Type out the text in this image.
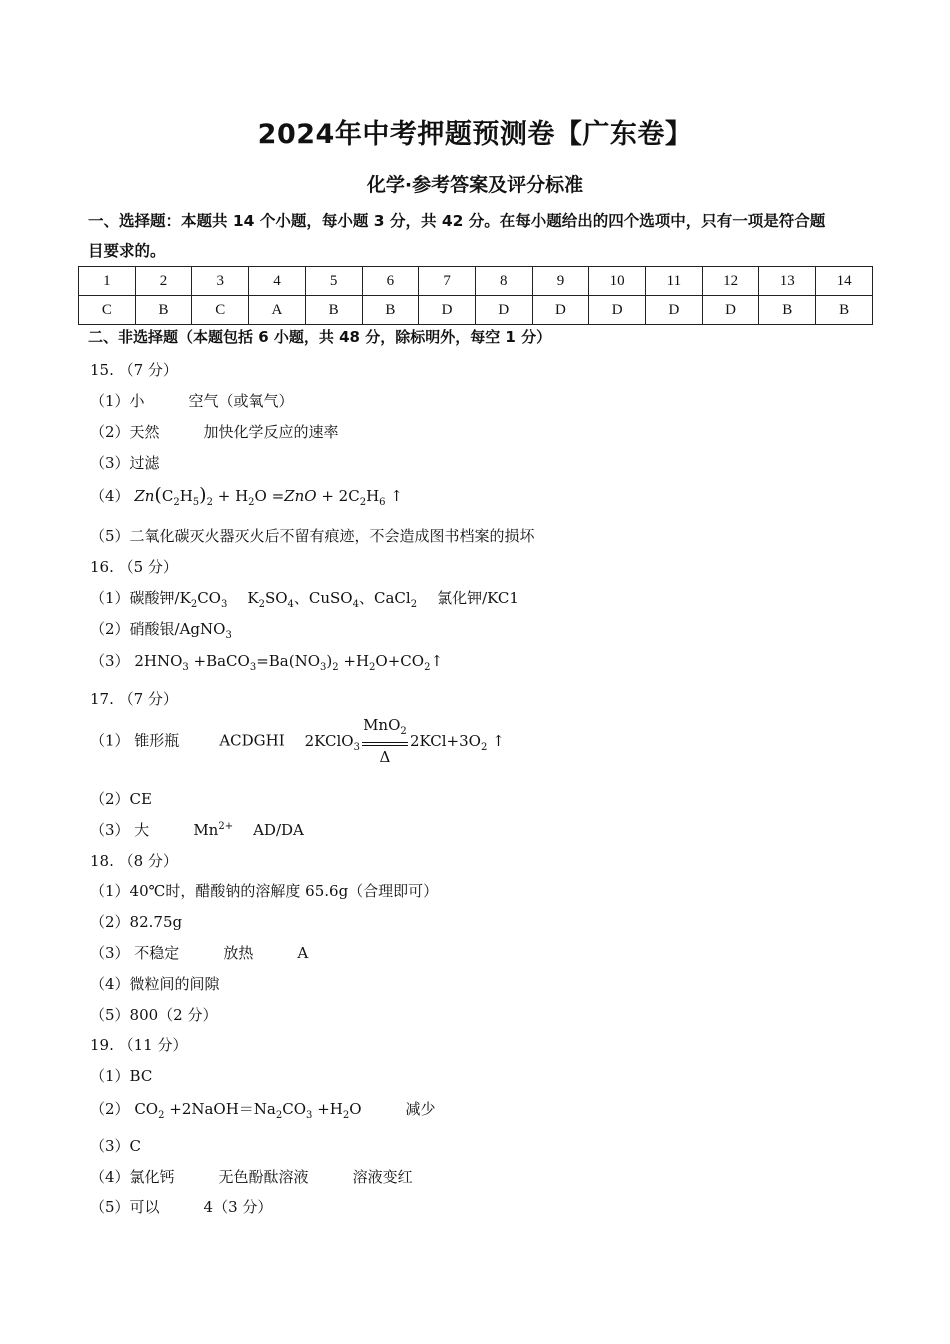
2024年中考押题预测卷【广东卷】
化学·参考答案及评分标准
一、选择题：本题共 14 个小题，每小题 3 分，共 42 分。在每小题给出的四个选项中，只有一项是符合题
目要求的。
1	2	3	4	5	6	7	8	9	10	11	12	13	14
C	B	C	A	B	B	D	D	D	D	D	D	B	B
二、非选择题（本题包括 6 小题，共 48 分，除标明外，每空 1 分）
15. （7 分）
（1）小	空气（或氧气）
（2）天然	加快化学反应的速率
（3）过滤
（4） $Zn(C_2H_5)_2 + H_2O =ZnO + 2C_2H_6$ ↑
（5）二氧化碳灭火器灭火后不留有痕迹，不会造成图书档案的损坏
16. （5 分）
（1）碳酸钾$/K_2CO_3$ $K_2SO_4$、CuSO$_4$、CaCl$_2$ 氯化钾/KC1
（2）硝酸银/AgNO$_3$
（3） $2HNO_3$ $+BaCO_3=Ba(NO_3)_2$ $+H_2O+CO_2↑$
17. （7 分）
（1） 锥形瓶	ACDGHI 2KClO$_3$ $\frac{MnO_2}{\Delta} 2KCl+3O_2$ ↑
（2）CE
（3） 大	$Mn^{2+}$ AD/DA
18. （8 分）
（1）40℃时，醋酸钠的溶解度 65.6g（合理即可）
（2）82.75g
（3） 不稳定	放热	A
（4）微粒间的间隙
（5）800（2 分）
19. （11 分）
（1）BC
（2） $CO_2$ $+2NaOH=Na_2CO_3 +H_2O$	减少
（3）C
（4）氯化钙	无色酚酞溶液	溶液变红
（5）可以	4（3 分）
